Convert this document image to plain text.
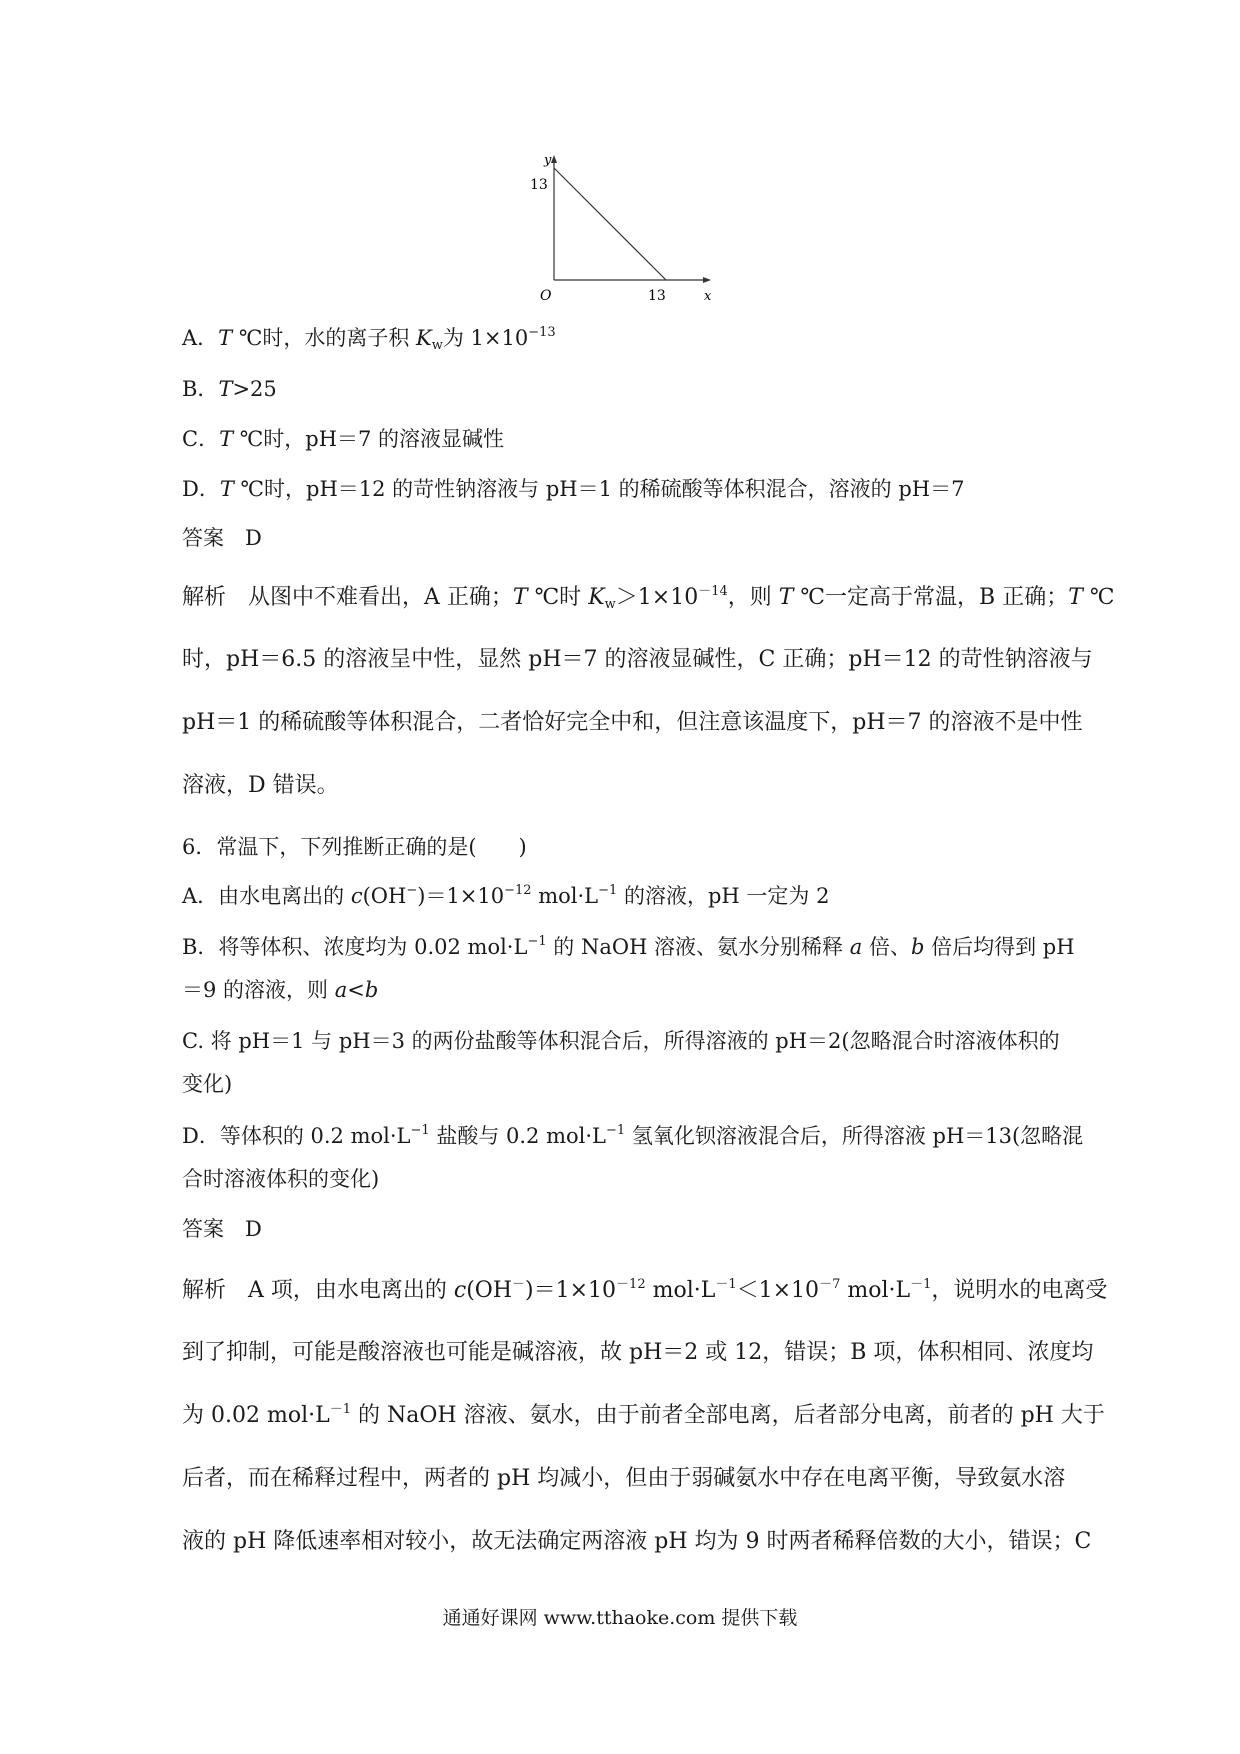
y
13
O	13	x
A．T ℃时，水的离子积 $K_w$为 $1\times 10^{-13}$
B．T>25
C．T ℃时，pH＝7 的溶液显碱性
D．T ℃时，pH＝12 的苛性钠溶液与 pH＝1 的稀硫酸等体积混合，溶液的 pH＝7
答案　D
解析　从图中不难看出，A 正确；T ℃时 $K_w>1\times 10^{-14}$，则 T ℃一定高于常温，B 正确；T ℃
时，pH＝6.5 的溶液呈中性，显然 pH＝7 的溶液显碱性，C 正确；pH＝12 的苛性钠溶液与
pH＝1 的稀硫酸等体积混合，二者恰好完全中和，但注意该温度下，pH＝7 的溶液不是中性
溶液，D 错误。
6．常温下，下列推断正确的是(　　)
A．由水电离出的 $c(OH^-)=1\times 10^{-12}$ $mol\cdot L^{-1}$ 的溶液，pH 一定为 2
B．将等体积、浓度均为 0.02 $mol\cdot L^{-1}$ 的 NaOH 溶液、氨水分别稀释 a 倍、b 倍后均得到 pH
＝9 的溶液，则 a<b
C. 将 pH＝1 与 pH＝3 的两份盐酸等体积混合后，所得溶液的 pH＝2(忽略混合时溶液体积的
变化)
D．等体积的 0.2 $mol\cdot L^{-1}$ 盐酸与 0.2 $mol\cdot L^{-1}$ 氢氧化钡溶液混合后，所得溶液 pH＝13(忽略混
合时溶液体积的变化)
答案　D
解析　A 项，由水电离出的 $c(OH^-)=1\times 10^{-12}$ $mol\cdot L^{-1}<1\times 10^{-7}$ $mol\cdot L^{-1}$，说明水的电离受
到了抑制，可能是酸溶液也可能是碱溶液，故 pH＝2 或 12，错误；B 项，体积相同、浓度均
为 0.02 $mol\cdot L^{-1}$ 的 NaOH 溶液、氨水，由于前者全部电离，后者部分电离，前者的 pH 大于
后者，而在稀释过程中，两者的 pH 均减小，但由于弱碱氨水中存在电离平衡，导致氨水溶
液的 pH 降低速率相对较小，故无法确定两溶液 pH 均为 9 时两者稀释倍数的大小，错误；C
通通好课网 www.tthaoke.com 提供下载
